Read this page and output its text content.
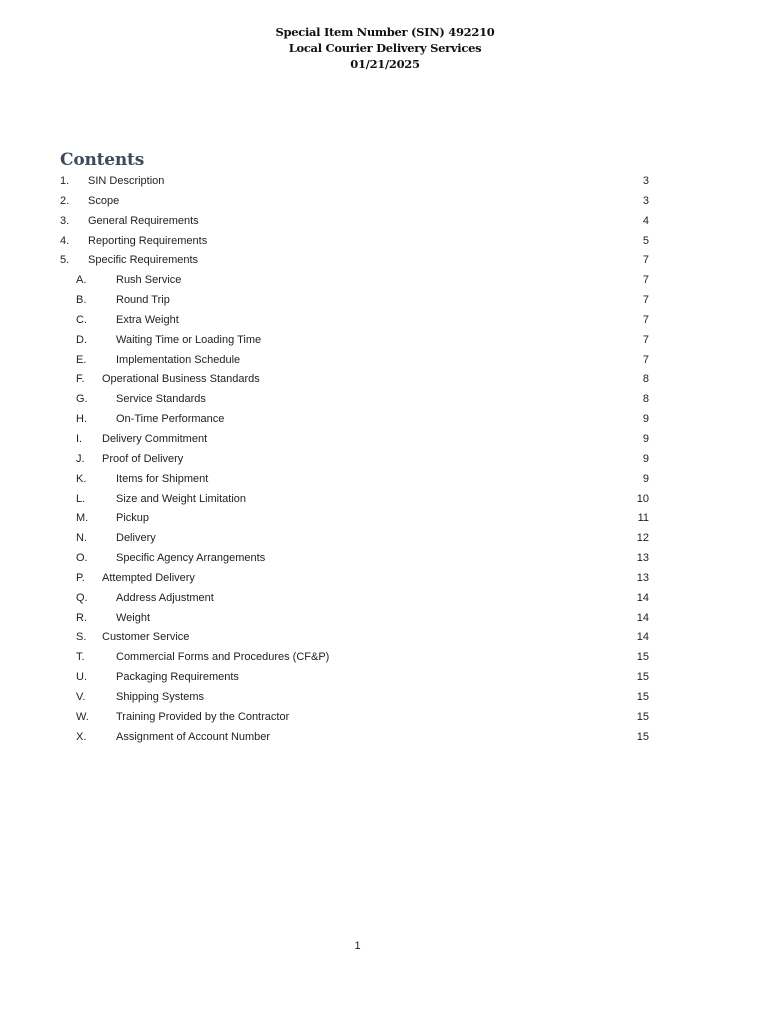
Special Item Number (SIN) 492210
Local Courier Delivery Services
01/21/2025
Contents
1. SIN Description	3
2. Scope	3
3. General Requirements	4
4. Reporting Requirements	5
5. Specific Requirements	7
A.	Rush Service	7
B.	Round Trip	7
C.	Extra Weight	7
D.	Waiting Time or Loading Time	7
E.	Implementation Schedule	7
F. Operational Business Standards	8
G.	Service Standards	8
H.	On-Time Performance	9
I. Delivery Commitment	9
J. Proof of Delivery	9
K.	Items for Shipment	9
L.	Size and Weight Limitation	10
M.	Pickup	11
N.	Delivery	12
O.	Specific Agency Arrangements	13
P. Attempted Delivery	13
Q.	Address Adjustment	14
R.	Weight	14
S. Customer Service	14
T.	Commercial Forms and Procedures (CF&P)	15
U.	Packaging Requirements	15
V.	Shipping Systems	15
W. Training Provided by the Contractor	15
X.	Assignment of Account Number	15
1
